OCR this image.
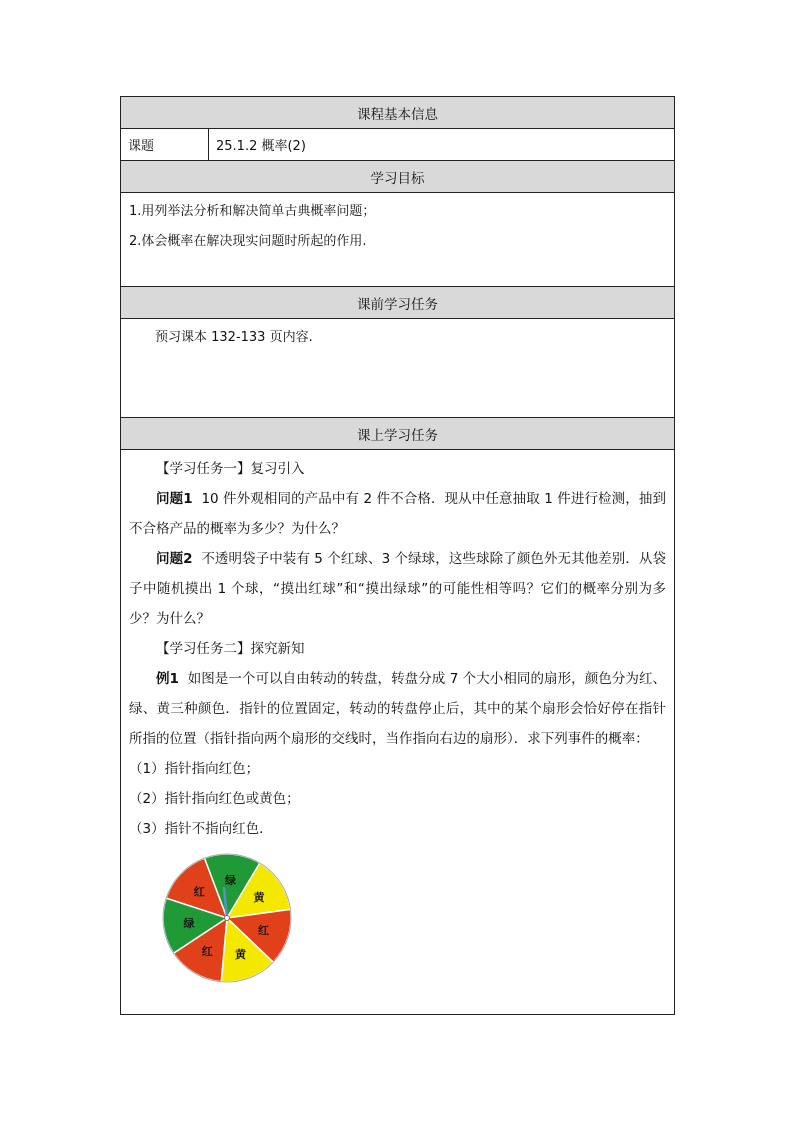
课程基本信息
课题	25.1.2 概率(2)
学习目标

1.用列举法分析和解决简单古典概率问题；

2.体会概率在解决现实问题时所起的作用.

课前学习任务

预习课本 132-133 页内容.

课上学习任务

【学习任务一】复习引入

问题1 10 件外观相同的产品中有 2 件不合格．现从中任意抽取 1 件进行检测，抽到不合格产品的概率为多少？为什么？

问题2 不透明袋子中装有 5 个红球、3 个绿球，这些球除了颜色外无其他差别．从袋子中随机摸出 1 个球，“摸出红球”和“摸出绿球”的可能性相等吗？它们的概率分别为多少？为什么？

【学习任务二】探究新知

例1 如图是一个可以自由转动的转盘，转盘分成 7 个大小相同的扇形，颜色分为红、绿、黄三种颜色．指针的位置固定，转动的转盘停止后，其中的某个扇形会恰好停在指针所指的位置（指针指向两个扇形的交线时，当作指向右边的扇形）．求下列事件的概率：

（1）指针指向红色；

（2）指针指向红色或黄色；

（3）指针不指向红色．

红
绿
黄
红
黄
红
绿
